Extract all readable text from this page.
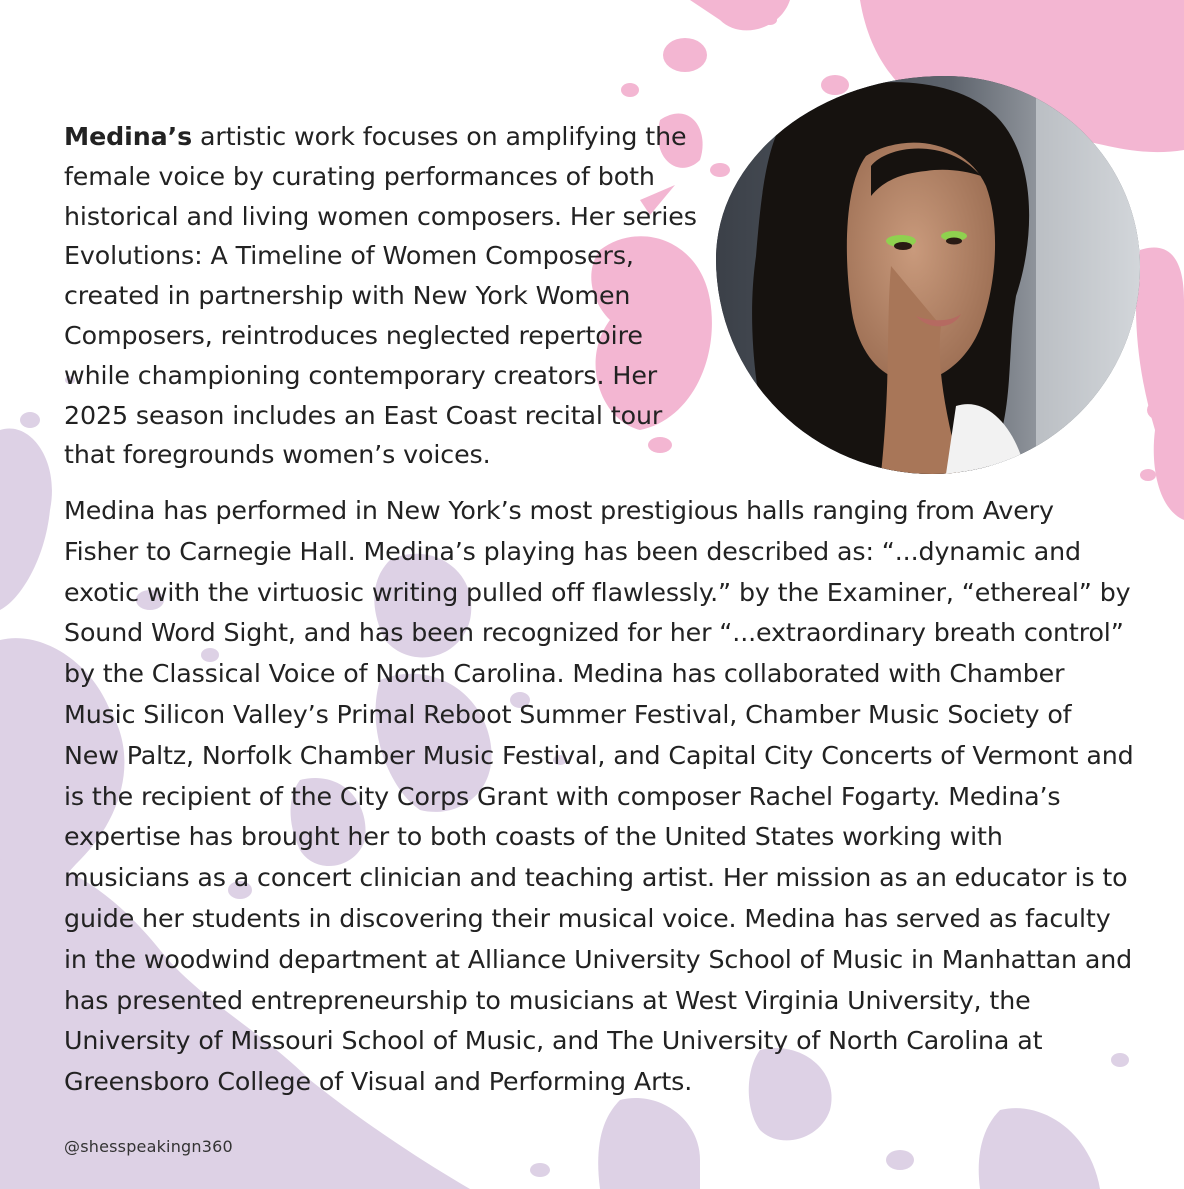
Medina’s artistic work focuses on amplifying the female voice by curating performances of both historical and living women composers. Her series Evolutions: A Timeline of Women Composers, created in partnership with New York Women Composers, reintroduces neglected repertoire while championing contemporary creators. Her 2025 season includes an East Coast recital tour that foregrounds women’s voices.

Medina has performed in New York’s most prestigious halls ranging from Avery Fisher to Carnegie Hall. Medina’s playing has been described as: “...dynamic and exotic with the virtuosic writing pulled off flawlessly.” by the Examiner, “ethereal” by Sound Word Sight, and has been recognized for her “...extraordinary breath control” by the Classical Voice of North Carolina. Medina has collaborated with Chamber Music Silicon Valley’s Primal Reboot Summer Festival, Chamber Music Society of New Paltz, Norfolk Chamber Music Festival, and Capital City Concerts of Vermont and is the recipient of the City Corps Grant with composer Rachel Fogarty. Medina’s expertise has brought her to both coasts of the United States working with musicians as a concert clinician and teaching artist. Her mission as an educator is to guide her students in discovering their musical voice. Medina has served as faculty in the woodwind department at Alliance University School of Music in Manhattan and has presented entrepreneurship to musicians at West Virginia University, the University of Missouri School of Music, and The University of North Carolina at Greensboro College of Visual and Performing Arts.

@shesspeakingn360
